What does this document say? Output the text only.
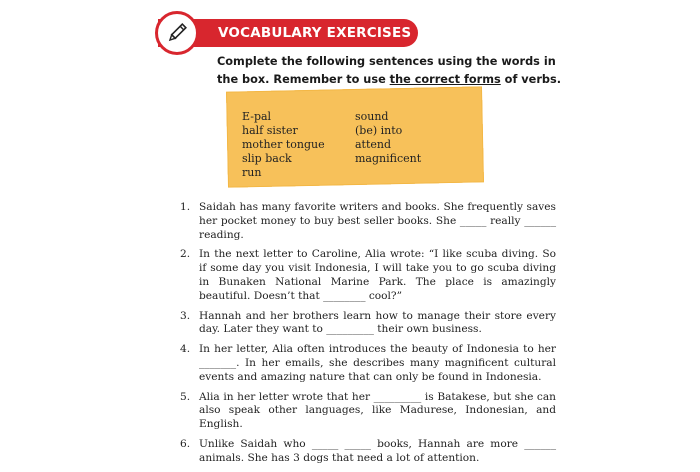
VOCABULARY EXERCISES
Complete the following sentences using the words in the box. Remember to use the correct forms of verbs.
E-pal
half sister
mother tongue
slip back
run
sound
(be) into
attend
magnificent
1. Saidah has many favorite writers and books. She frequently saves her pocket money to buy best seller books. She _____ really ______ reading.
2. In the next letter to Caroline, Alia wrote: “I like scuba diving. So if some day you visit Indonesia, I will take you to go scuba diving in Bunaken National Marine Park. The place is amazingly beautiful. Doesn’t that ________ cool?”
3. Hannah and her brothers learn how to manage their store every day. Later they want to _________ their own business.
4. In her letter, Alia often introduces the beauty of Indonesia to her _______. In her emails, she describes many magnificent cultural events and amazing nature that can only be found in Indonesia.
5. Alia in her letter wrote that her _________ is Batakese, but she can also speak other languages, like Madurese, Indonesian, and English.
6. Unlike Saidah who _____ _____ books, Hannah are more ______ animals. She has 3 dogs that need a lot of attention.
